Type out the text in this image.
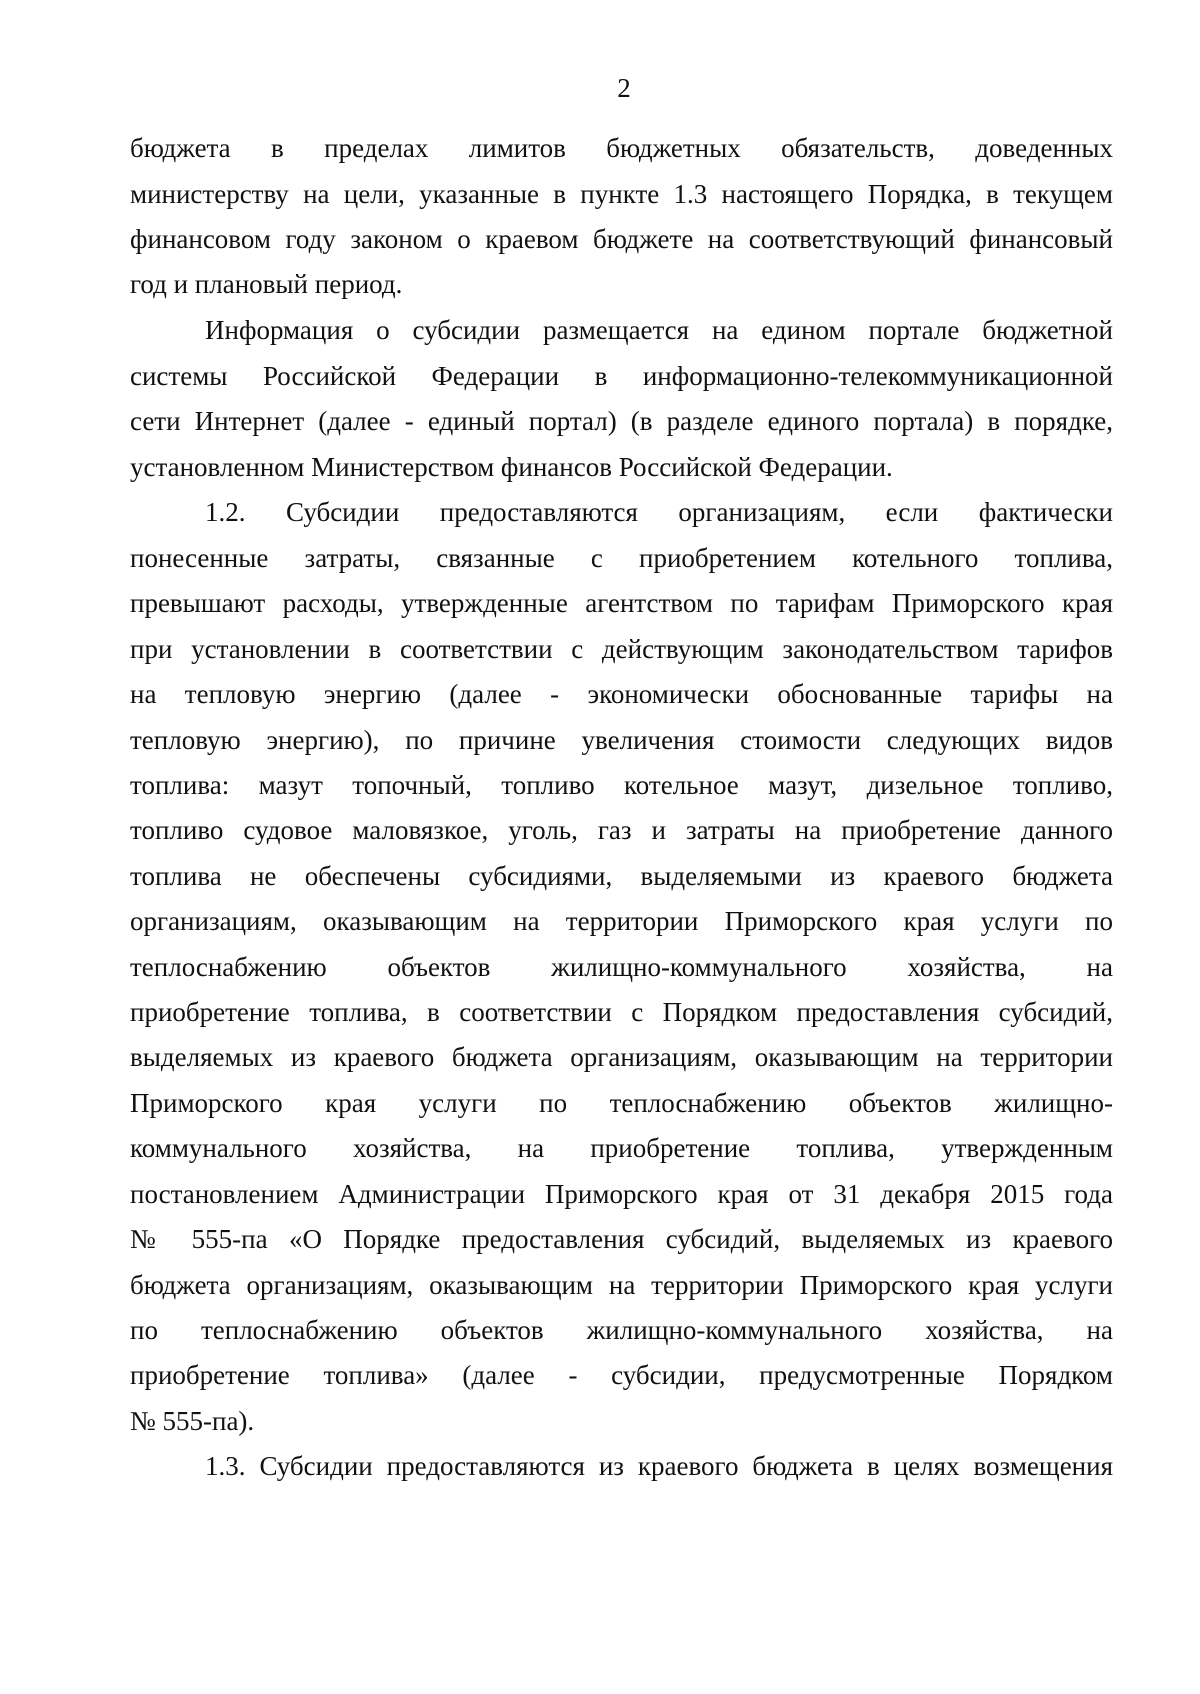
2
бюджета в пределах лимитов бюджетных обязательств, доведенных
министерству на цели, указанные в пункте 1.3 настоящего Порядка, в текущем
финансовом году законом о краевом бюджете на соответствующий финансовый
год и плановый период.
Информация о субсидии размещается на едином портале бюджетной
системы Российской Федерации в информационно-телекоммуникационной
сети Интернет (далее - единый портал) (в разделе единого портала) в порядке,
установленном Министерством финансов Российской Федерации.
1.2. Субсидии предоставляются организациям, если фактически
понесенные затраты, связанные с приобретением котельного топлива,
превышают расходы, утвержденные агентством по тарифам Приморского края
при установлении в соответствии с действующим законодательством тарифов
на тепловую энергию (далее - экономически обоснованные тарифы на
тепловую энергию), по причине увеличения стоимости следующих видов
топлива: мазут топочный, топливо котельное мазут, дизельное топливо,
топливо судовое маловязкое, уголь, газ и затраты на приобретение данного
топлива не обеспечены субсидиями, выделяемыми из краевого бюджета
организациям, оказывающим на территории Приморского края услуги по
теплоснабжению объектов жилищно-коммунального хозяйства, на
приобретение топлива, в соответствии с Порядком предоставления субсидий,
выделяемых из краевого бюджета организациям, оказывающим на территории
Приморского края услуги по теплоснабжению объектов жилищно-
коммунального хозяйства, на приобретение топлива, утвержденным
постановлением Администрации Приморского края от 31 декабря 2015 года
№ 555-па «О Порядке предоставления субсидий, выделяемых из краевого
бюджета организациям, оказывающим на территории Приморского края услуги
по теплоснабжению объектов жилищно-коммунального хозяйства, на
приобретение топлива» (далее - субсидии, предусмотренные Порядком
№ 555-па).
1.3. Субсидии предоставляются из краевого бюджета в целях возмещения
